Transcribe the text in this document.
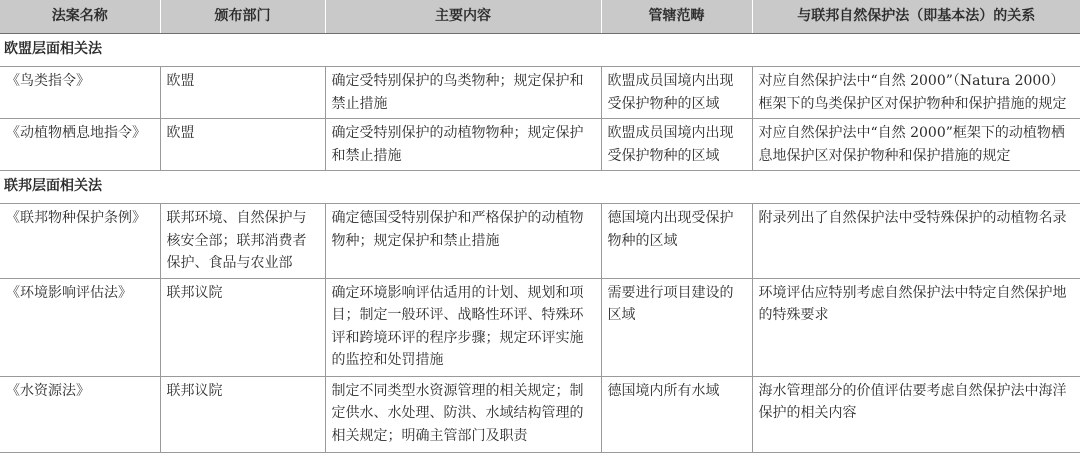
法案名称	颁布部门	主要内容	管辖范畴	与联邦自然保护法（即基本法）的关系
欧盟层面相关法				
《鸟类指令》	欧盟	确定受特别保护的鸟类物种；规定保护和禁止措施	欧盟成员国境内出现受保护物种的区域	对应自然保护法中“自然 2000”（Natura 2000）框架下的鸟类保护区对保护物种和保护措施的规定
《动植物栖息地指令》	欧盟	确定受特别保护的动植物物种；规定保护和禁止措施	欧盟成员国境内出现受保护物种的区域	对应自然保护法中“自然 2000”框架下的动植物栖息地保护区对保护物种和保护措施的规定
联邦层面相关法				
《联邦物种保护条例》	联邦环境、自然保护与核安全部；联邦消费者保护、食品与农业部	确定德国受特别保护和严格保护的动植物物种；规定保护和禁止措施	德国境内出现受保护物种的区域	附录列出了自然保护法中受特殊保护的动植物名录
《环境影响评估法》	联邦议院	确定环境影响评估适用的计划、规划和项目；制定一般环评、战略性环评、特殊环评和跨境环评的程序步骤；规定环评实施的监控和处罚措施	需要进行项目建设的区域	环境评估应特别考虑自然保护法中特定自然保护地的特殊要求
《水资源法》	联邦议院	制定不同类型水资源管理的相关规定；制定供水、水处理、防洪、水域结构管理的相关规定；明确主管部门及职责	德国境内所有水域	海水管理部分的价值评估要考虑自然保护法中海洋保护的相关内容
